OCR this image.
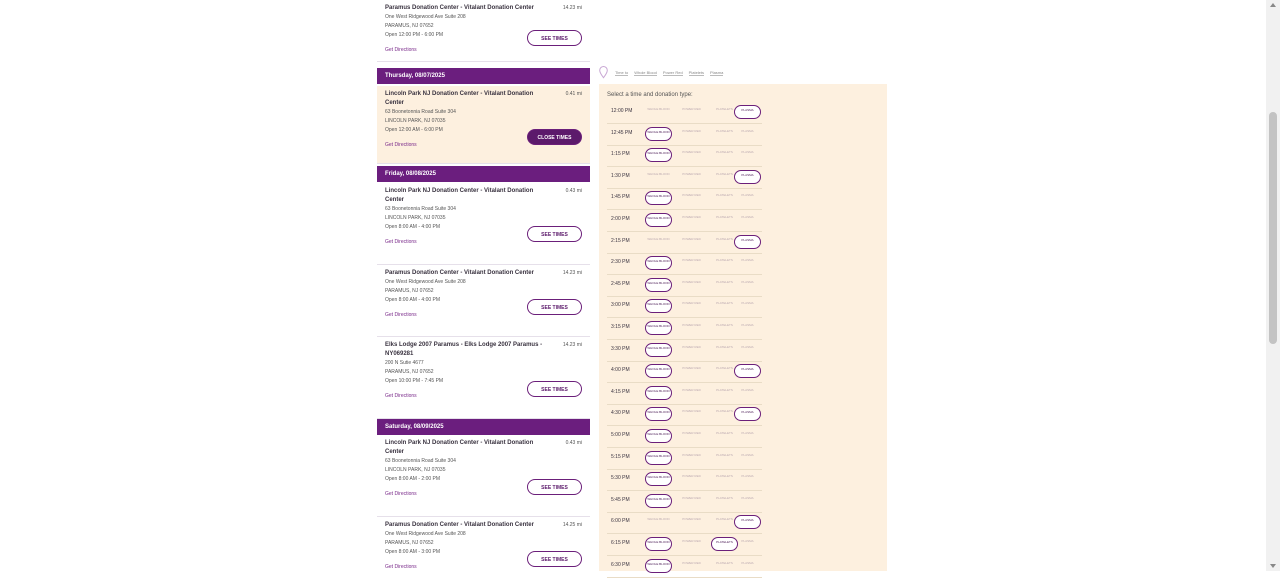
Paramus Donation Center - Vitalant Donation Center	14.23 mi
One West Ridgewood Ave Suite 208
PARAMUS, NJ 07652
Open 12:00 PM - 6:00 PM
Get Directions
SEE TIMES
Lincoln Park NJ Donation Center - Vitalant Donation Center
0.41 mi
63 Boonetonnia Road Suite 304
LINCOLN PARK, NJ 07035
Open 12:00 AM - 6:00 PM
Get Directions
CLOSE TIMES
Lincoln Park NJ Donation Center - Vitalant Donation Center
0.43 mi
63 Boonetonnia Road Suite 304
LINCOLN PARK, NJ 07035
Open 8:00 AM - 4:00 PM
Get Directions
SEE TIMES
Paramus Donation Center - Vitalant Donation Center	14.23 mi
One West Ridgewood Ave Suite 208
PARAMUS, NJ 07652
Open 8:00 AM - 4:00 PM
Get Directions
SEE TIMES
Elks Lodge 2007 Paramus - Elks Lodge 2007 Paramus - NY069281
14.23 mi
200 N Sutie 4677
PARAMUS, NJ 07652
Open 10:00 PM - 7:45 PM
Get Directions
SEE TIMES
Lincoln Park NJ Donation Center - Vitalant Donation Center
0.43 mi
63 Boonetonnia Road Suite 304
LINCOLN PARK, NJ 07035
Open 8:00 AM - 2:00 PM
Get Directions
SEE TIMES
Paramus Donation Center - Vitalant Donation Center	14.25 mi
One West Ridgewood Ave Suite 208
PARAMUS, NJ 07652
Open 8:00 AM - 3:00 PM
Get Directions
SEE TIMES
Thursday, 08/07/2025
Friday, 08/08/2025
Saturday, 08/09/2025
Time to Whole Blood Power Red Platelets Plasma
Select a time and donation type:
12:00 PM	WHOLE BLOOD	POWER RED	PLATELETS	PLASMA
12:45 PM	WHOLE BLOOD	POWER RED	PLATELETS	PLASMA
1:15 PM	WHOLE BLOOD	POWER RED	PLATELETS	PLASMA
1:30 PM	WHOLE BLOOD	POWER RED	PLATELETS	PLASMA
1:45 PM	WHOLE BLOOD	POWER RED	PLATELETS	PLASMA
2:00 PM	WHOLE BLOOD	POWER RED	PLATELETS	PLASMA
2:15 PM	WHOLE BLOOD	POWER RED	PLATELETS	PLASMA
2:30 PM	WHOLE BLOOD	POWER RED	PLATELETS	PLASMA
2:45 PM	WHOLE BLOOD	POWER RED	PLATELETS	PLASMA
3:00 PM	WHOLE BLOOD	POWER RED	PLATELETS	PLASMA
3:15 PM	WHOLE BLOOD	POWER RED	PLATELETS	PLASMA
3:30 PM	WHOLE BLOOD	POWER RED	PLATELETS	PLASMA
4:00 PM	WHOLE BLOOD	POWER RED	PLATELETS	PLASMA
4:15 PM	WHOLE BLOOD	POWER RED	PLATELETS	PLASMA
4:30 PM	WHOLE BLOOD	POWER RED	PLATELETS	PLASMA
5:00 PM	WHOLE BLOOD	POWER RED	PLATELETS	PLASMA
5:15 PM	WHOLE BLOOD	POWER RED	PLATELETS	PLASMA
5:30 PM	WHOLE BLOOD	POWER RED	PLATELETS	PLASMA
5:45 PM	WHOLE BLOOD	POWER RED	PLATELETS	PLASMA
6:00 PM	WHOLE BLOOD	POWER RED	PLATELETS	PLASMA
6:15 PM	WHOLE BLOOD	POWER RED	PLATELETS	PLASMA
6:30 PM	WHOLE BLOOD	POWER RED	PLATELETS	PLASMA
